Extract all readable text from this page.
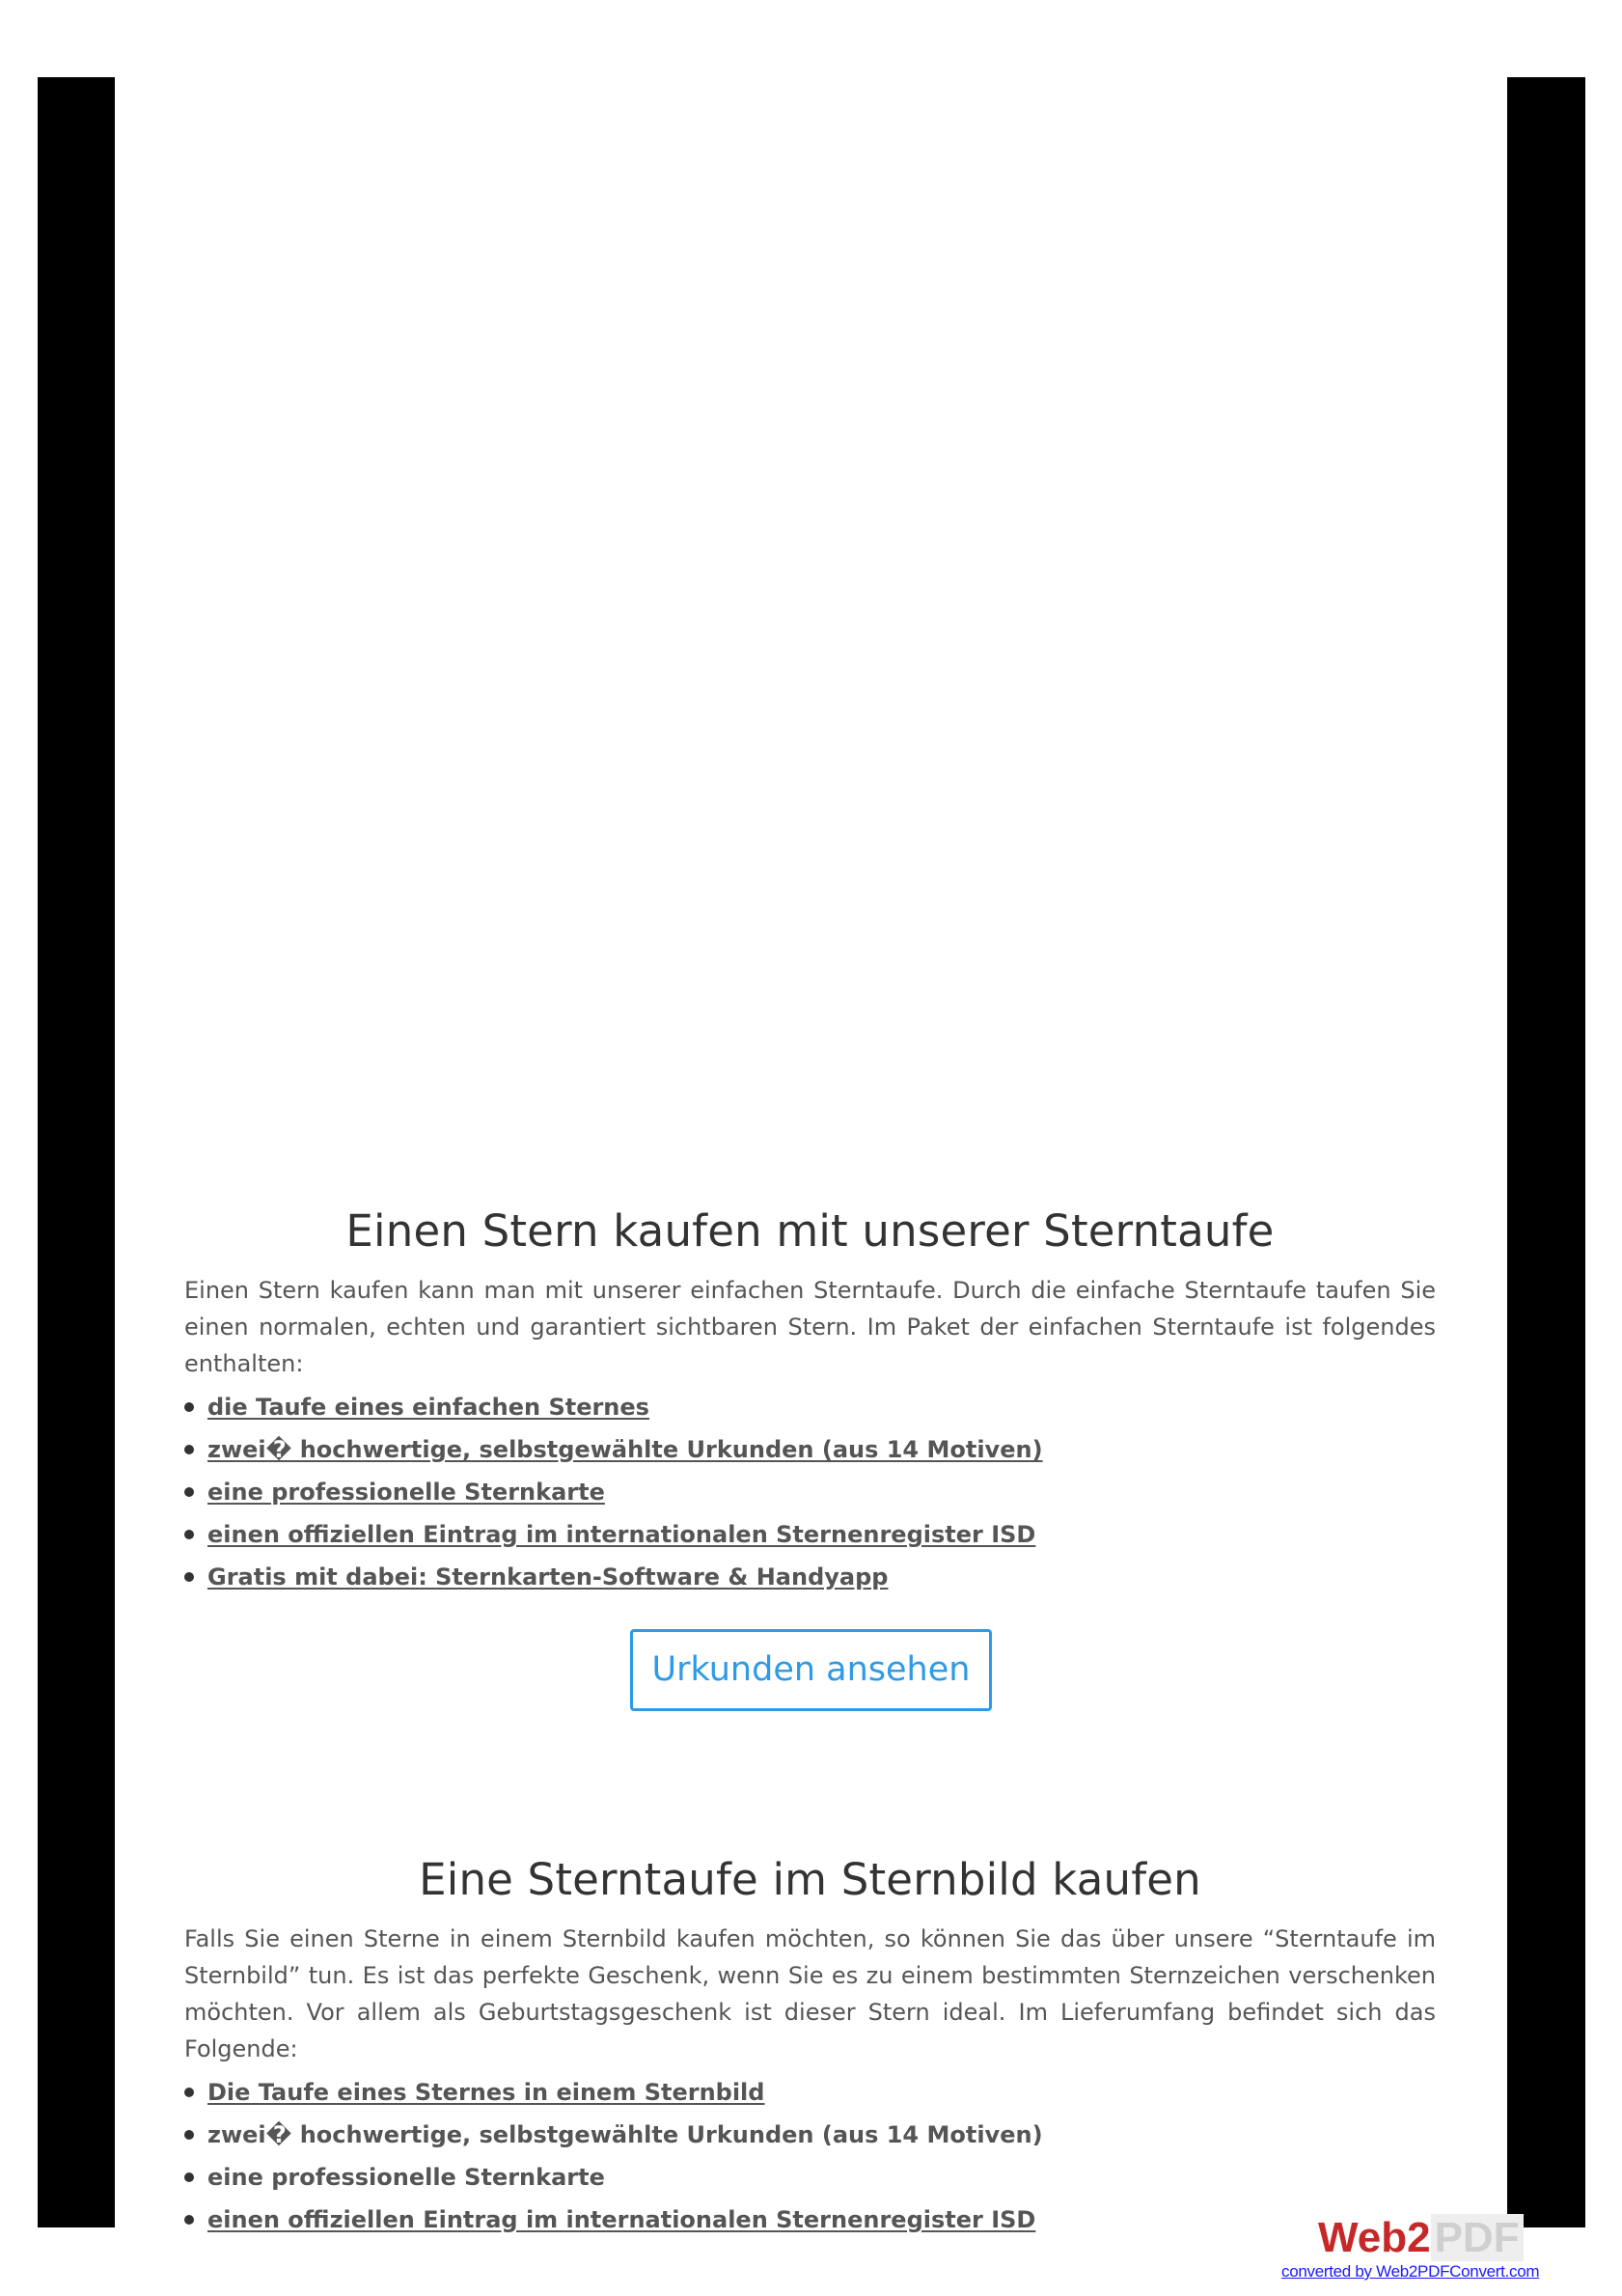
Einen Stern kaufen mit unserer Sterntaufe

Einen Stern kaufen kann man mit unserer einfachen Sterntaufe. Durch die einfache Sterntaufe taufen Sie einen normalen, echten und garantiert sichtbaren Stern. Im Paket der einfachen Sterntaufe ist folgendes enthalten:

die Taufe eines einfachen Sternes
zwei� hochwertige, selbstgewählte Urkunden (aus 14 Motiven)
eine professionelle Sternkarte
einen offiziellen Eintrag im internationalen Sternenregister ISD
Gratis mit dabei: Sternkarten-Software & Handyapp
Urkunden ansehen
Eine Sterntaufe im Sternbild kaufen

Falls Sie einen Sterne in einem Sternbild kaufen möchten, so können Sie das über unsere “Sterntaufe im Sternbild” tun. Es ist das perfekte Geschenk, wenn Sie es zu einem bestimmten Sternzeichen verschenken möchten. Vor allem als Geburtstagsgeschenk ist dieser Stern ideal. Im Lieferumfang befindet sich das Folgende:

Die Taufe eines Sternes in einem Sternbild
zwei� hochwertige, selbstgewählte Urkunden (aus 14 Motiven)
eine professionelle Sternkarte
einen offiziellen Eintrag im internationalen Sternenregister ISD	Web2PDF
converted by Web2PDFConvert.com
